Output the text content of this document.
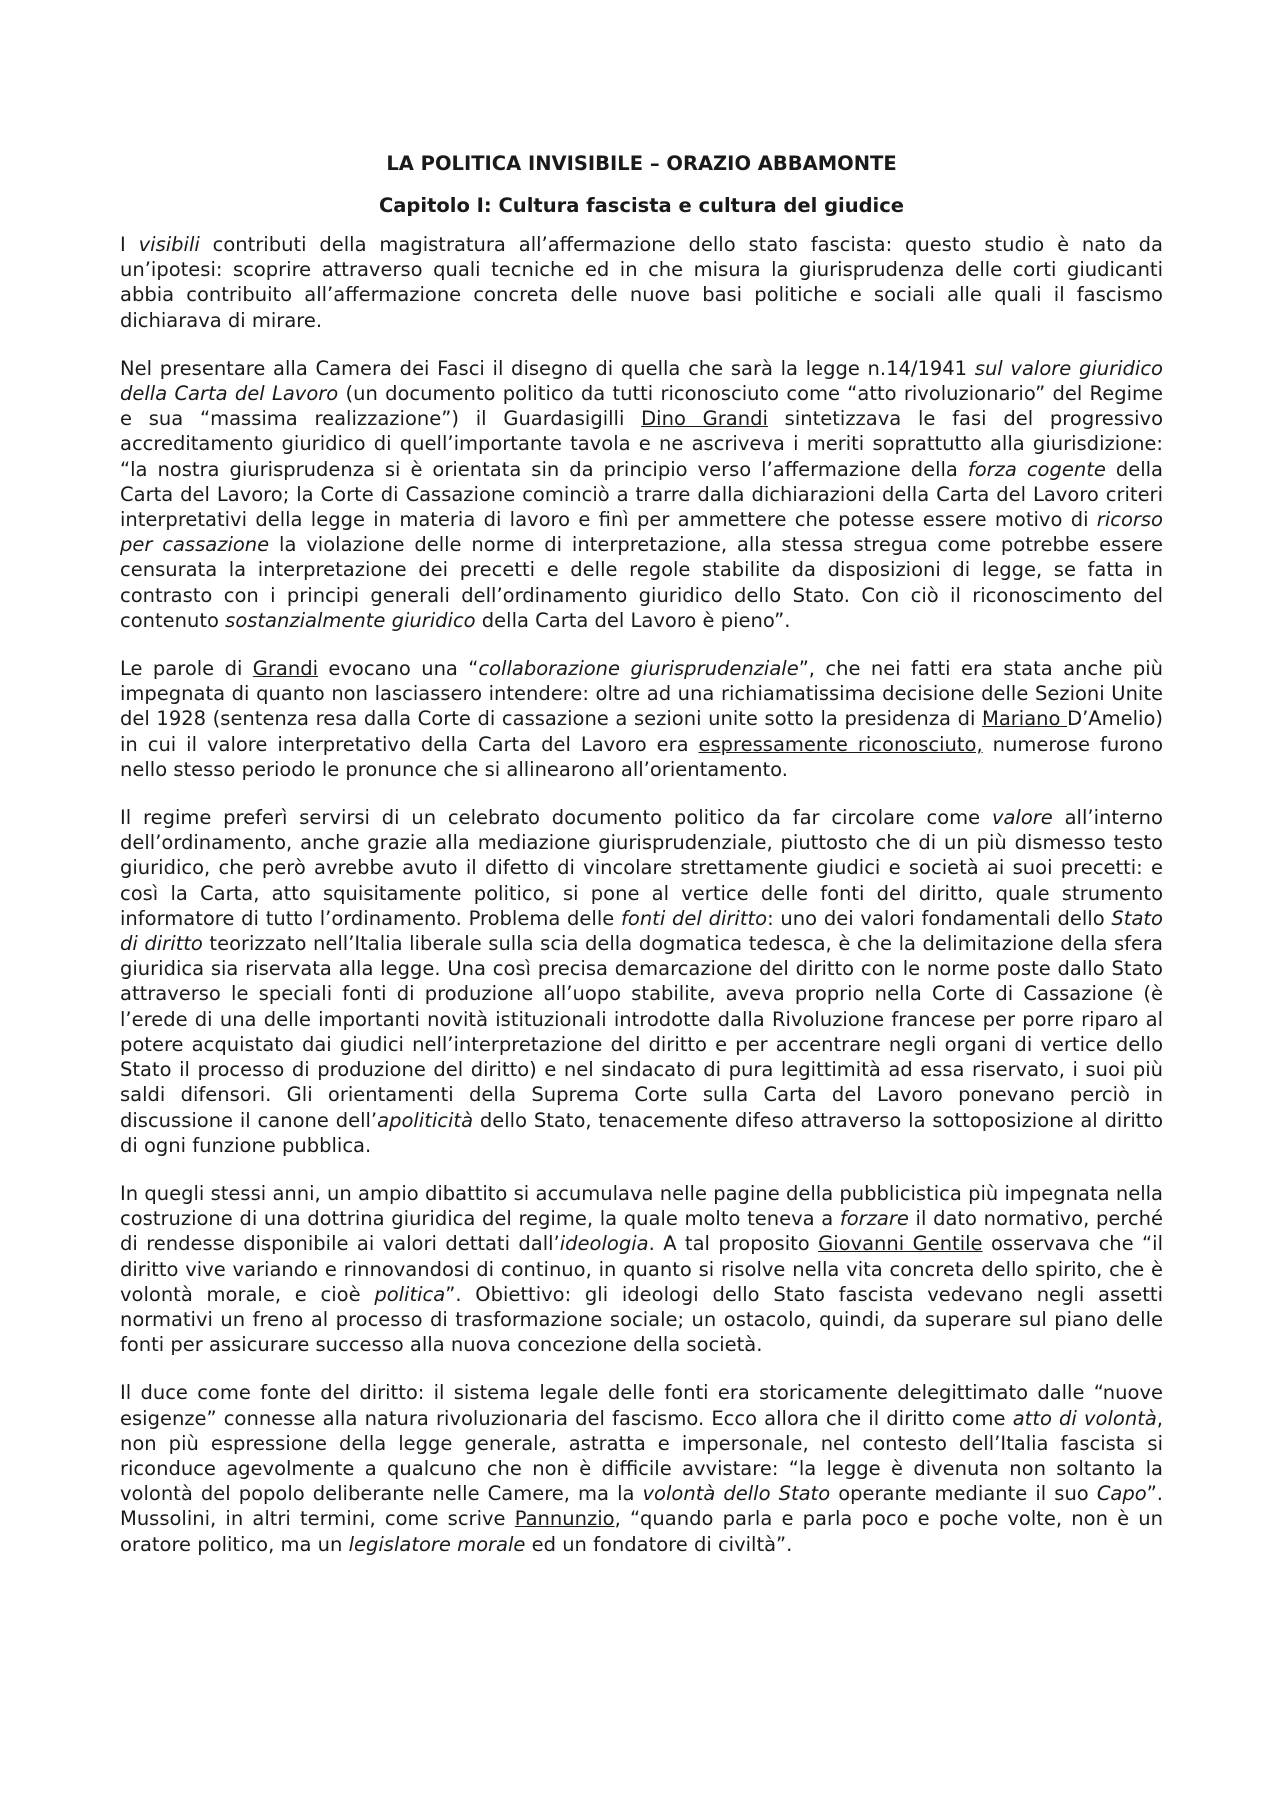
LA POLITICA INVISIBILE – ORAZIO ABBAMONTE
Capitolo I: Cultura fascista e cultura del giudice

I visibili contributi della magistratura all’affermazione dello stato fascista: questo studio è nato da un’ipotesi: scoprire attraverso quali tecniche ed in che misura la giurisprudenza delle corti giudicanti abbia contribuito all’affermazione concreta delle nuove basi politiche e sociali alle quali il fascismo dichiarava di mirare.

Nel presentare alla Camera dei Fasci il disegno di quella che sarà la legge n.14/1941 sul valore giuridico della Carta del Lavoro (un documento politico da tutti riconosciuto come “atto rivoluzionario” del Regime e sua “massima realizzazione”) il Guardasigilli Dino Grandi sintetizzava le fasi del progressivo accreditamento giuridico di quell’importante tavola e ne ascriveva i meriti soprattutto alla giurisdizione: “la nostra giurisprudenza si è orientata sin da principio verso l’affermazione della forza cogente della Carta del Lavoro; la Corte di Cassazione cominciò a trarre dalla dichiarazioni della Carta del Lavoro criteri interpretativi della legge in materia di lavoro e finì per ammettere che potesse essere motivo di ricorso per cassazione la violazione delle norme di interpretazione, alla stessa stregua come potrebbe essere censurata la interpretazione dei precetti e delle regole stabilite da disposizioni di legge, se fatta in contrasto con i principi generali dell’ordinamento giuridico dello Stato. Con ciò il riconoscimento del contenuto sostanzialmente giuridico della Carta del Lavoro è pieno”.

Le parole di Grandi evocano una “collaborazione giurisprudenziale”, che nei fatti era stata anche più impegnata di quanto non lasciassero intendere: oltre ad una richiamatissima decisione delle Sezioni Unite del 1928 (sentenza resa dalla Corte di cassazione a sezioni unite sotto la presidenza di Mariano D’Amelio) in cui il valore interpretativo della Carta del Lavoro era espressamente riconosciuto, numerose furono nello stesso periodo le pronunce che si allinearono all’orientamento.

Il regime preferì servirsi di un celebrato documento politico da far circolare come valore all’interno dell’ordinamento, anche grazie alla mediazione giurisprudenziale, piuttosto che di un più dismesso testo giuridico, che però avrebbe avuto il difetto di vincolare strettamente giudici e società ai suoi precetti: e così la Carta, atto squisitamente politico, si pone al vertice delle fonti del diritto, quale strumento informatore di tutto l’ordinamento. Problema delle fonti del diritto: uno dei valori fondamentali dello Stato di diritto teorizzato nell’Italia liberale sulla scia della dogmatica tedesca, è che la delimitazione della sfera giuridica sia riservata alla legge. Una così precisa demarcazione del diritto con le norme poste dallo Stato attraverso le speciali fonti di produzione all’uopo stabilite, aveva proprio nella Corte di Cassazione (è l’erede di una delle importanti novità istituzionali introdotte dalla Rivoluzione francese per porre riparo al potere acquistato dai giudici nell’interpretazione del diritto e per accentrare negli organi di vertice dello Stato il processo di produzione del diritto) e nel sindacato di pura legittimità ad essa riservato, i suoi più saldi difensori. Gli orientamenti della Suprema Corte sulla Carta del Lavoro ponevano perciò in discussione il canone dell’apoliticità dello Stato, tenacemente difeso attraverso la sottoposizione al diritto di ogni funzione pubblica.

In quegli stessi anni, un ampio dibattito si accumulava nelle pagine della pubblicistica più impegnata nella costruzione di una dottrina giuridica del regime, la quale molto teneva a forzare il dato normativo, perché di rendesse disponibile ai valori dettati dall’ideologia. A tal proposito Giovanni Gentile osservava che “il diritto vive variando e rinnovandosi di continuo, in quanto si risolve nella vita concreta dello spirito, che è volontà morale, e cioè politica”. Obiettivo: gli ideologi dello Stato fascista vedevano negli assetti normativi un freno al processo di trasformazione sociale; un ostacolo, quindi, da superare sul piano delle fonti per assicurare successo alla nuova concezione della società.

Il duce come fonte del diritto: il sistema legale delle fonti era storicamente delegittimato dalle “nuove esigenze” connesse alla natura rivoluzionaria del fascismo. Ecco allora che il diritto come atto di volontà, non più espressione della legge generale, astratta e impersonale, nel contesto dell’Italia fascista si riconduce agevolmente a qualcuno che non è difficile avvistare: “la legge è divenuta non soltanto la volontà del popolo deliberante nelle Camere, ma la volontà dello Stato operante mediante il suo Capo”. Mussolini, in altri termini, come scrive Pannunzio, “quando parla e parla poco e poche volte, non è un oratore politico, ma un legislatore morale ed un fondatore di civiltà”.
